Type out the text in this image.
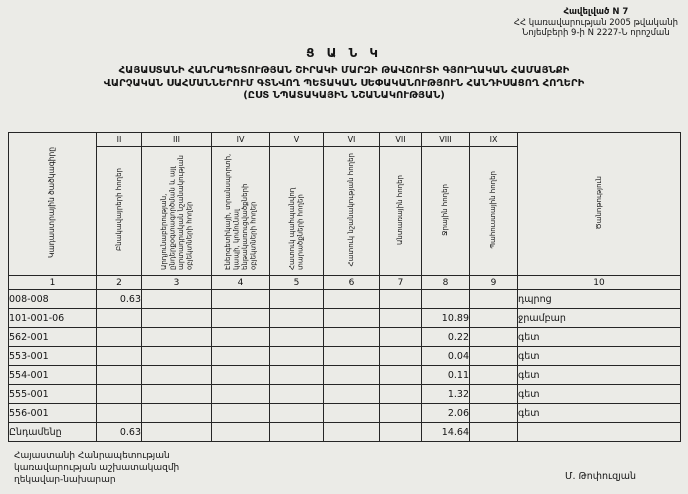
Հավելված N 7
ՀՀ կառավարության 2005 թվականի
Նոյեմբերի 9-ի N 2227-Ն որոշման
Ց Ա Ն Կ
ՀԱՅԱՍՏԱՆԻ ՀԱՆՐԱՊԵՏՈՒԹՅԱՆ ՇԻՐԱԿԻ ՄԱՐԶԻ ԹԱՎՇՈՒՏԻ ԳՅՈՒՂԱԿԱՆ ՀԱՄԱՅՆՔԻ
ՎԱՐՉԱԿԱՆ ՍԱՀՄԱՆՆԵՐՈՒՄ ԳՏՆՎՈՂ ՊԵՏԱԿԱՆ ՍԵՓԱԿԱՆՈՒԹՅՈՒՆ ՀԱՆԴԻՍԱՑՈՂ ՀՈՂԵՐԻ
(ԸՍՏ ՆՊԱՏԱԿԱՅԻՆ ՆՇԱՆԱԿՈՒԹՅԱՆ)
Կադաստրային ծածկագիրը	II	III	IV	V	VI	VII	VIII	IX	Ծանոթություն
	Բնակավայրերի հողեր	Արդյունաբերության, ընդերքօգտագործման և այլ արտադրական նշանակության օբյեկտների հողեր	Էներգետիկայի, տրանսպորտի, կապի, կոմունալ ենթակառուցվածքների օբյեկտների հողեր	Հատուկ պահպանվող տարածքների հողեր	Հատուկ նշանակության հողեր	Անտառային հողեր	Ջրային հողեր	Պահուստային հողեր	
1	2	3	4	5	6	7	8	9	10
008-008	0.63								դպրոց
101-001-06							10.89		ջրամբար
562-001							0.22		գետ
553-001							0.04		գետ
554-001							0.11		գետ
555-001							1.32		գետ
556-001							2.06		գետ
Ընդամենը	0.63						14.64		
Հայաստանի Հանրապետության
կառավարության աշխատակազմի
ղեկավար-նախարար	Մ. Թոփուզյան
